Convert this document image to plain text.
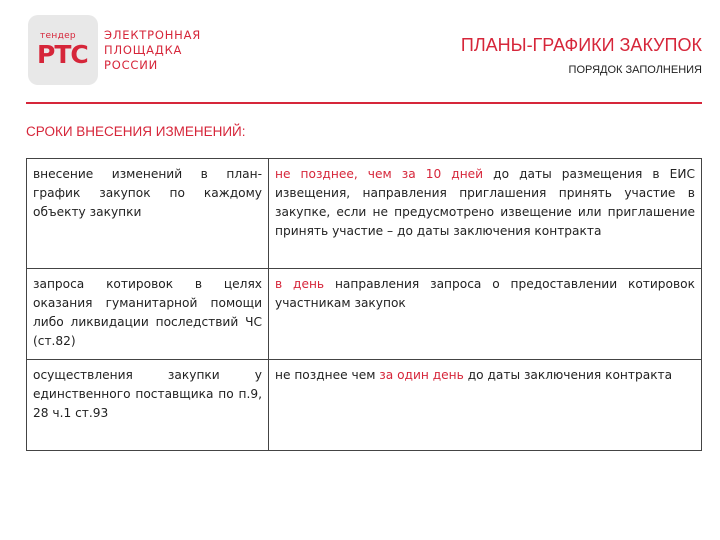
тендер
РТС
ЭЛЕКТРОННАЯ
ПЛОЩАДКА
РОССИИ
ПЛАНЫ-ГРАФИКИ ЗАКУПОК
ПОРЯДОК ЗАПОЛНЕНИЯ
СРОКИ ВНЕСЕНИЯ ИЗМЕНЕНИЙ:
внесение изменений в план-график закупок по каждому объекту закупки	не позднее, чем за 10 дней до даты размещения в ЕИС извещения, направления приглашения принять участие в закупке, если не предусмотрено извещение или приглашение принять участие – до даты заключения контракта
запроса котировок в целях оказания гуманитарной помощи либо ликвидации последствий ЧС (ст.82)	в день направления запроса о предоставлении котировок участникам закупок
осуществления закупки у единственного поставщика по п.9, 28 ч.1 ст.93	не позднее чем за один день до даты заключения контракта
